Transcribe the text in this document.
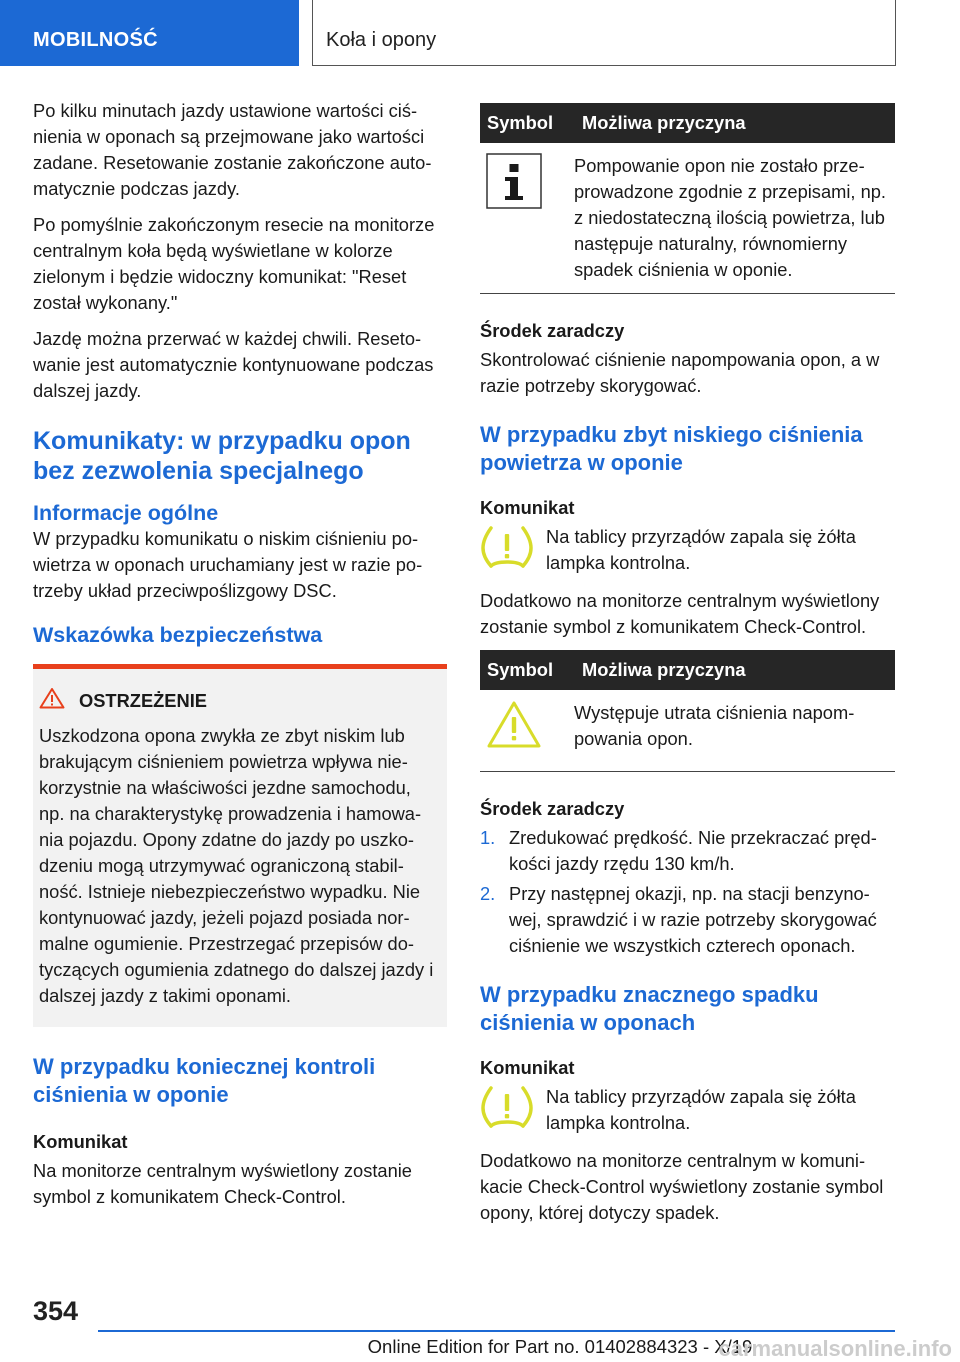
MOBILNOŚĆ	Koła i opony

Po kilku minutach jazdy ustawione wartości ciśnienia w oponach są przejmowane jako wartości zadane. Resetowanie zostanie zakończone automatycznie podczas jazdy.

Po pomyślnie zakończonym resecie na monitorze centralnym koła będą wyświetlane w kolorze zielonym i będzie widoczny komunikat: "Reset został wykonany."

Jazdę można przerwać w każdej chwili. Resetowanie jest automatycznie kontynuowane podczas dalszej jazdy.

Komunikaty: w przypadku opon bez zezwolenia specjalnego
Informacje ogólne

W przypadku komunikatu o niskim ciśnieniu powietrza w oponach uruchamiany jest w razie potrzeby układ przeciwpoślizgowy DSC.

Wskazówka bezpieczeństwa
OSTRZEŻENIE

Uszkodzona opona zwykła ze zbyt niskim lub brakującym ciśnieniem powietrza wpływa niekorzystnie na właściwości jezdne samochodu, np. na charakterystykę prowadzenia i hamowania pojazdu. Opony zdatne do jazdy po uszkodzeniu mogą utrzymywać ograniczoną stabilność. Istnieje niebezpieczeństwo wypadku. Nie kontynuować jazdy, jeżeli pojazd posiada normalne ogumienie. Przestrzegać przepisów dotyczących ogumienia zdatnego do dalszej jazdy i dalszej jazdy z takimi oponami.

W przypadku koniecznej kontroli ciśnienia w oponie
Komunikat

Na monitorze centralnym wyświetlony zostanie symbol z komunikatem Check-Control.

Symbol	Możliwa przyczyna
	Pompowanie opon nie zostało przeprowadzone zgodnie z przepisami, np. z niedostateczną ilością powietrza, lub następuje naturalny, równomierny spadek ciśnienia w oponie.
Środek zaradczy

Skontrolować ciśnienie napompowania opon, a w razie potrzeby skorygować.

W przypadku zbyt niskiego ciśnienia powietrza w oponie
Komunikat

Na tablicy przyrządów zapala się żółta lampka kontrolna.

Dodatkowo na monitorze centralnym wyświetlony zostanie symbol z komunikatem Check-Control.

Symbol	Możliwa przyczyna
	Występuje utrata ciśnienia napompowania opon.
Środek zaradczy
1. Zredukować prędkość. Nie przekraczać prędkości jazdy rzędu 130 km/h.
2. Przy następnej okazji, np. na stacji benzynowej, sprawdzić i w razie potrzeby skorygować ciśnienie we wszystkich czterech oponach.
W przypadku znacznego spadku ciśnienia w oponach
Komunikat

Na tablicy przyrządów zapala się żółta lampka kontrolna.

Dodatkowo na monitorze centralnym w komunikacie Check-Control wyświetlony zostanie symbol opony, której dotyczy spadek.

354
Online Edition for Part no. 01402884323 - X/19
carmanualsonline.info
